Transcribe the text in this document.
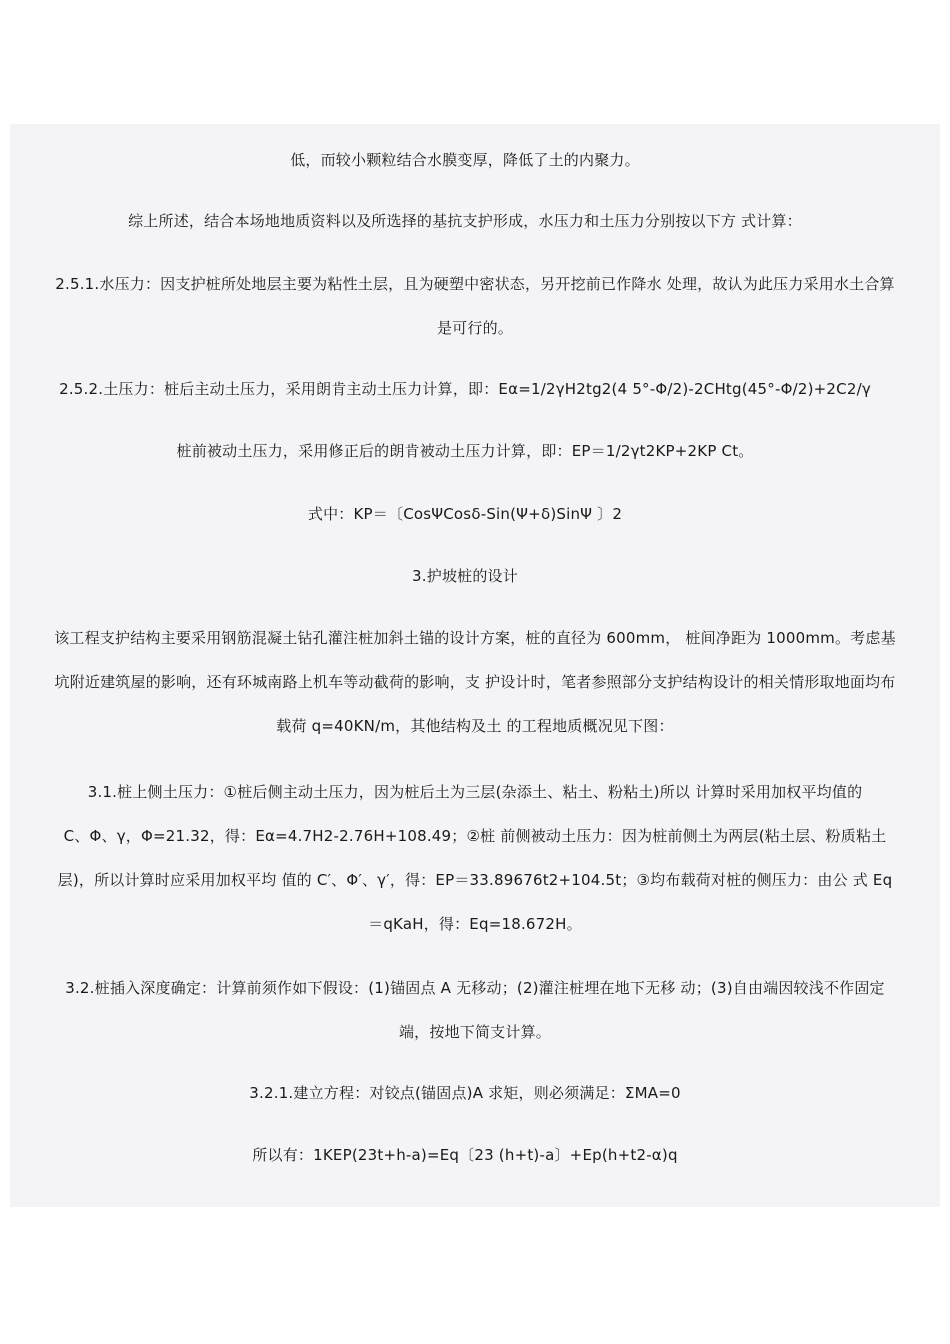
低，而较小颗粒结合水膜变厚，降低了土的内聚力。

综上所述，结合本场地地质资料以及所选择的基抗支护形成，水压力和土压力分别按以下方 式计算：

2.5.1.水压力：因支护桩所处地层主要为粘性土层，且为硬塑中密状态，另开挖前已作降水 处理，故认为此压力采用水土合算
是可行的。

2.5.2.土压力：桩后主动土压力，采用朗肯主动土压力计算，即：Eα=1/2γH2tg2(4 5°-Φ/2)-2CHtg(45°-Φ/2)+2C2/γ

桩前被动土压力，采用修正后的朗肯被动土压力计算，即：EP＝1/2γt2KP+2KP Ct。

式中：KP＝〔CosΨCosδ-Sin(Ψ+δ)SinΨ 〕2

3.护坡桩的设计

该工程支护结构主要采用钢筋混凝土钻孔灌注桩加斜土锚的设计方案，桩的直径为 600mm， 桩间净距为 1000mm。考虑基
坑附近建筑屋的影响，还有环城南路上机车等动截荷的影响，支 护设计时，笔者参照部分支护结构设计的相关情形取地面均布
载荷 q=40KN/m，其他结构及土 的工程地质概况见下图：

3.1.桩上侧土压力：①桩后侧主动土压力，因为桩后土为三层(杂添土、粘土、粉粘土)所以 计算时采用加权平均值的
C、Φ、γ，Φ=21.32，得：Eα=4.7H2-2.76H+108.49；②桩 前侧被动土压力：因为桩前侧土为两层(粘土层、粉质粘土
层)，所以计算时应采用加权平均 值的 C′、Φ′、γ′，得：EP＝33.89676t2+104.5t；③均布载荷对桩的侧压力：由公 式 Eq
＝qKaH，得：Eq=18.672H。

3.2.桩插入深度确定：计算前须作如下假设：(1)锚固点 A 无移动；(2)灌注桩埋在地下无移 动；(3)自由端因较浅不作固定
端，按地下简支计算。

3.2.1.建立方程：对铰点(锚固点)A 求矩，则必须满足：ΣMA=0

所以有：1KEP(23t+h-a)=Eq〔23 (h+t)-a〕+Ep(h+t2-α)q
